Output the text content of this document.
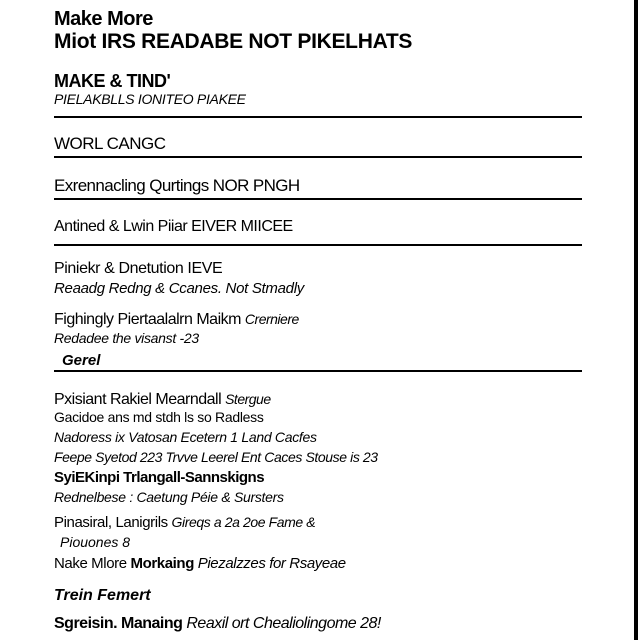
Make More
Miot IRS READABE NOT PIKELHATS
MAKE & TIND'
PIELAKBLLS IONITEO PIAKEE
WORL CANGC
Exrennacling Qurtings NOR PNGH
Antined & Lwin Piiar EIVER MIICEE
Piniekr & Dnetution IEVE
Reaadg Redng & Ccanes. Not Stmadly
Fighingly Piertaalalrn Maikm Crerniere
Redadee the visanst -23
Gerel
Pxisiant Rakiel Mearndall Stergue
Gacidoe ans md stdh ls so Radless
Nadoress ix Vatosan Ecetern 1 Land Cacfes
Feepe Syetod 223 Trvve Leerel Ent Caces Stouse is 23
SyiEKinpi Trlangall-Sannskigns
Rednelbese : Caetung Péie & Sursters
Pinasiral, Lanigrils Gireqs a 2a 2oe Fame &
Piouones 8
Nake Mlore Morkaing Piezalzzes for Rsayeae
Trein Femert
Sgreisin. Manaing Reaxil ort Chealiolingome 28!
